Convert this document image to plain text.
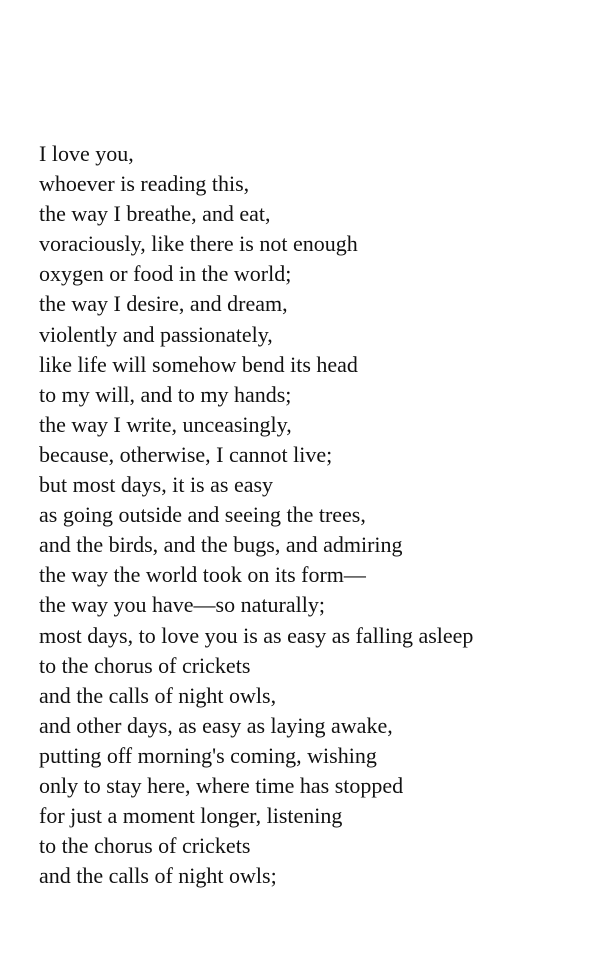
I love you,
whoever is reading this,
the way I breathe, and eat,
voraciously, like there is not enough
oxygen or food in the world;
the way I desire, and dream,
violently and passionately,
like life will somehow bend its head
to my will, and to my hands;
the way I write, unceasingly,
because, otherwise, I cannot live;
but most days, it is as easy
as going outside and seeing the trees,
and the birds, and the bugs, and admiring
the way the world took on its form—
the way you have—so naturally;
most days, to love you is as easy as falling asleep
to the chorus of crickets
and the calls of night owls,
and other days, as easy as laying awake,
putting off morning's coming, wishing
only to stay here, where time has stopped
for just a moment longer, listening
to the chorus of crickets
and the calls of night owls;
